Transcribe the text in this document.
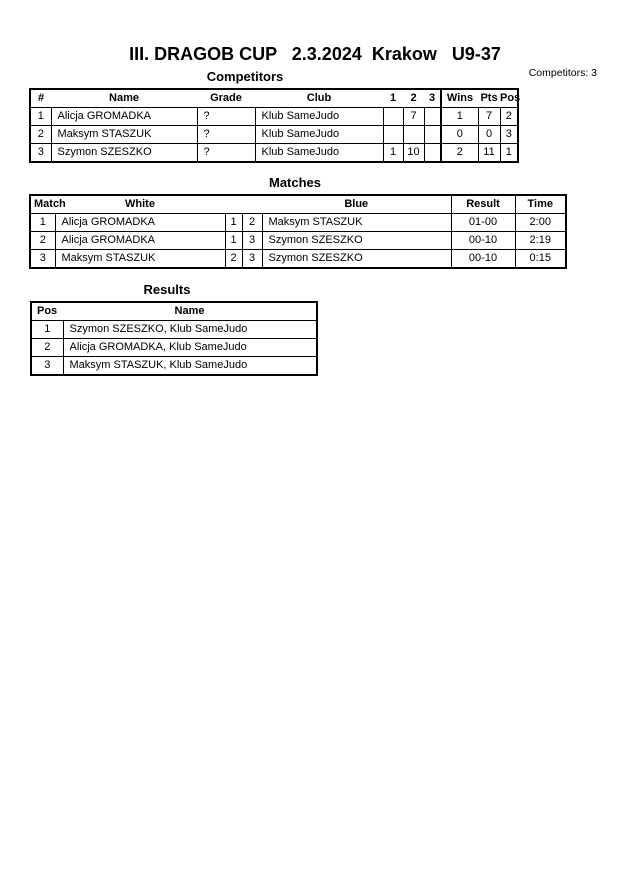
III. DRAGOB CUP   2.3.2024  Krakow   U9-37
Competitors	Competitors: 3
#	Name	Grade	Club	1	2	3	Wins	Pts	Pos
1	Alicja GROMADKA	?	Klub SameJudo		7		1	7	2
2	Maksym STASZUK	?	Klub SameJudo				0	0	3
3	Szymon SZESZKO	?	Klub SameJudo	1	10		2	11	1
Matches
Match	White			Blue	Result	Time
1	Alicja GROMADKA	1	2	Maksym STASZUK	01-00	2:00
2	Alicja GROMADKA	1	3	Szymon SZESZKO	00-10	2:19
3	Maksym STASZUK	2	3	Szymon SZESZKO	00-10	0:15
Results
Pos	Name
1	Szymon SZESZKO, Klub SameJudo
2	Alicja GROMADKA, Klub SameJudo
3	Maksym STASZUK, Klub SameJudo
